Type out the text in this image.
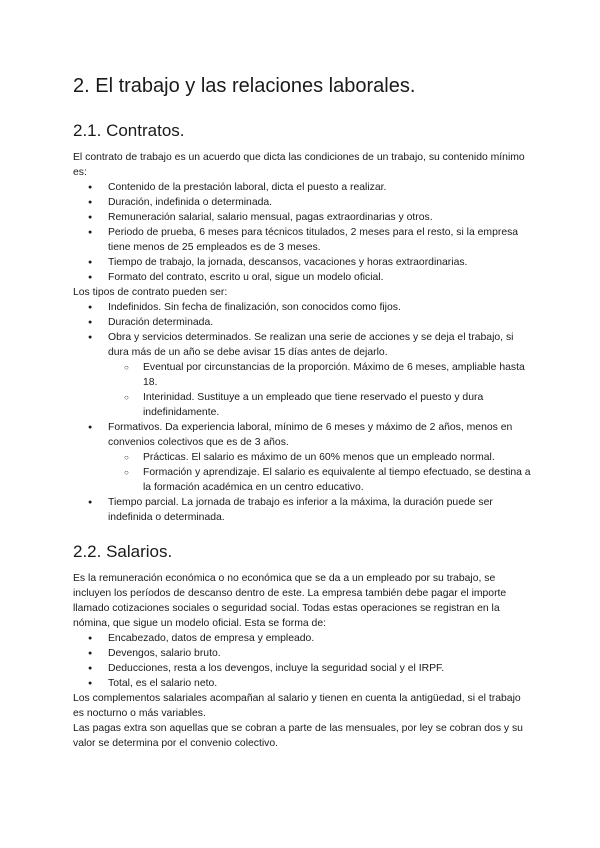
2. El trabajo y las relaciones laborales.
2.1. Contratos.

El contrato de trabajo es un acuerdo que dicta las condiciones de un trabajo, su contenido mínimo es:

● Contenido de la prestación laboral, dicta el puesto a realizar.
● Duración, indefinida o determinada.
● Remuneración salarial, salario mensual, pagas extraordinarias y otros.
● Periodo de prueba, 6 meses para técnicos titulados, 2 meses para el resto, si la empresa tiene menos de 25 empleados es de 3 meses.
● Tiempo de trabajo, la jornada, descansos, vacaciones y horas extraordinarias.
● Formato del contrato, escrito u oral, sigue un modelo oficial.

Los tipos de contrato pueden ser:

● Indefinidos. Sin fecha de finalización, son conocidos como fijos.
● Duración determinada.
● Obra y servicios determinados. Se realizan una serie de acciones y se deja el trabajo, si dura más de un año se debe avisar 15 días antes de dejarlo.
○ Eventual por circunstancias de la proporción. Máximo de 6 meses, ampliable hasta 18.
○ Interinidad. Sustituye a un empleado que tiene reservado el puesto y dura indefinidamente.
● Formativos. Da experiencia laboral, mínimo de 6 meses y máximo de 2 años, menos en convenios colectivos que es de 3 años.
○ Prácticas. El salario es máximo de un 60% menos que un empleado normal.
○ Formación y aprendizaje. El salario es equivalente al tiempo efectuado, se destina a la formación académica en un centro educativo.
● Tiempo parcial. La jornada de trabajo es inferior a la máxima, la duración puede ser indefinida o determinada.
2.2. Salarios.

Es la remuneración económica o no económica que se da a un empleado por su trabajo, se incluyen los períodos de descanso dentro de este. La empresa también debe pagar el importe llamado cotizaciones sociales o seguridad social. Todas estas operaciones se registran en la nómina, que sigue un modelo oficial. Esta se forma de:

● Encabezado, datos de empresa y empleado.
● Devengos, salario bruto.
● Deducciones, resta a los devengos, incluye la seguridad social y el IRPF.
● Total, es el salario neto.

Los complementos salariales acompañan al salario y tienen en cuenta la antigüedad, si el trabajo es nocturno o más variables.

Las pagas extra son aquellas que se cobran a parte de las mensuales, por ley se cobran dos y su valor se determina por el convenio colectivo.
